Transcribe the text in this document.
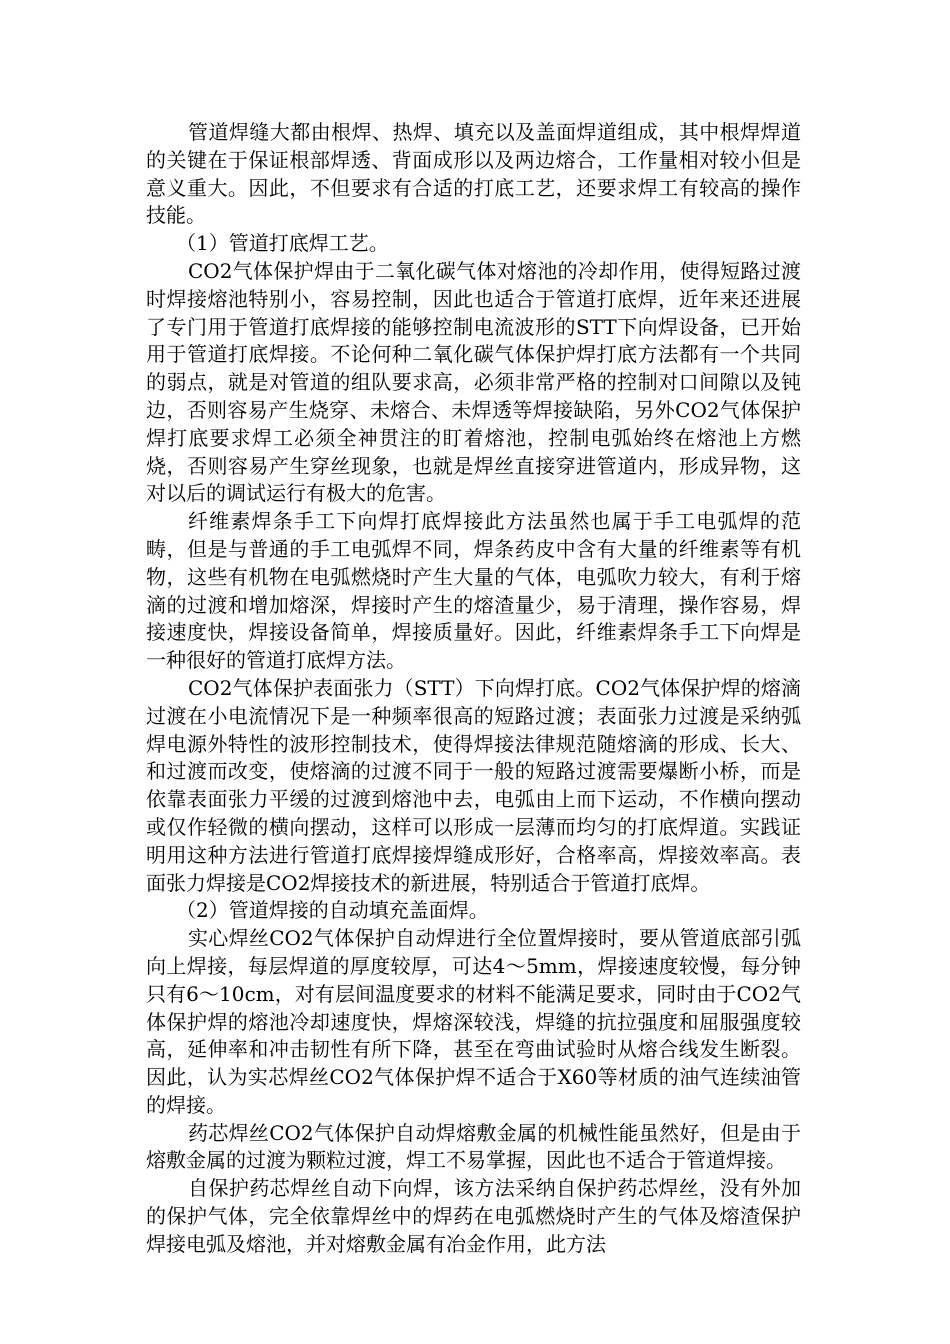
管道焊缝大都由根焊、热焊、填充以及盖面焊道组成，其中根焊焊道的关键在于保证根部焊透、背面成形以及两边熔合，工作量相对较小但是意义重大。因此，不但要求有合适的打底工艺，还要求焊工有较高的操作技能。

（1）管道打底焊工艺。

CO2气体保护焊由于二氧化碳气体对熔池的冷却作用，使得短路过渡时焊接熔池特别小，容易控制，因此也适合于管道打底焊，近年来还进展了专门用于管道打底焊接的能够控制电流波形的STT下向焊设备，已开始用于管道打底焊接。不论何种二氧化碳气体保护焊打底方法都有一个共同的弱点，就是对管道的组队要求高，必须非常严格的控制对口间隙以及钝边，否则容易产生烧穿、未熔合、未焊透等焊接缺陷，另外CO2气体保护焊打底要求焊工必须全神贯注的盯着熔池，控制电弧始终在熔池上方燃烧，否则容易产生穿丝现象，也就是焊丝直接穿进管道内，形成异物，这对以后的调试运行有极大的危害。

纤维素焊条手工下向焊打底焊接此方法虽然也属于手工电弧焊的范畴，但是与普通的手工电弧焊不同，焊条药皮中含有大量的纤维素等有机物，这些有机物在电弧燃烧时产生大量的气体，电弧吹力较大，有利于熔滴的过渡和增加熔深，焊接时产生的熔渣量少，易于清理，操作容易，焊接速度快，焊接设备简单，焊接质量好。因此，纤维素焊条手工下向焊是一种很好的管道打底焊方法。

CO2气体保护表面张力（STT）下向焊打底。CO2气体保护焊的熔滴过渡在小电流情况下是一种频率很高的短路过渡；表面张力过渡是采纳弧焊电源外特性的波形控制技术，使得焊接法律规范随熔滴的形成、长大、和过渡而改变，使熔滴的过渡不同于一般的短路过渡需要爆断小桥，而是依靠表面张力平缓的过渡到熔池中去，电弧由上而下运动，不作横向摆动或仅作轻微的横向摆动，这样可以形成一层薄而均匀的打底焊道。实践证明用这种方法进行管道打底焊接焊缝成形好，合格率高，焊接效率高。表面张力焊接是CO2焊接技术的新进展，特别适合于管道打底焊。

（2）管道焊接的自动填充盖面焊。

实心焊丝CO2气体保护自动焊进行全位置焊接时，要从管道底部引弧向上焊接，每层焊道的厚度较厚，可达4～5mm，焊接速度较慢，每分钟只有6～10cm，对有层间温度要求的材料不能满足要求，同时由于CO2气体保护焊的熔池冷却速度快，焊熔深较浅，焊缝的抗拉强度和屈服强度较高，延伸率和冲击韧性有所下降，甚至在弯曲试验时从熔合线发生断裂。因此，认为实芯焊丝CO2气体保护焊不适合于X60等材质的油气连续油管的焊接。

药芯焊丝CO2气体保护自动焊熔敷金属的机械性能虽然好，但是由于熔敷金属的过渡为颗粒过渡，焊工不易掌握，因此也不适合于管道焊接。

自保护药芯焊丝自动下向焊，该方法采纳自保护药芯焊丝，没有外加的保护气体，完全依靠焊丝中的焊药在电弧燃烧时产生的气体及熔渣保护焊接电弧及熔池，并对熔敷金属有冶金作用，此方法
